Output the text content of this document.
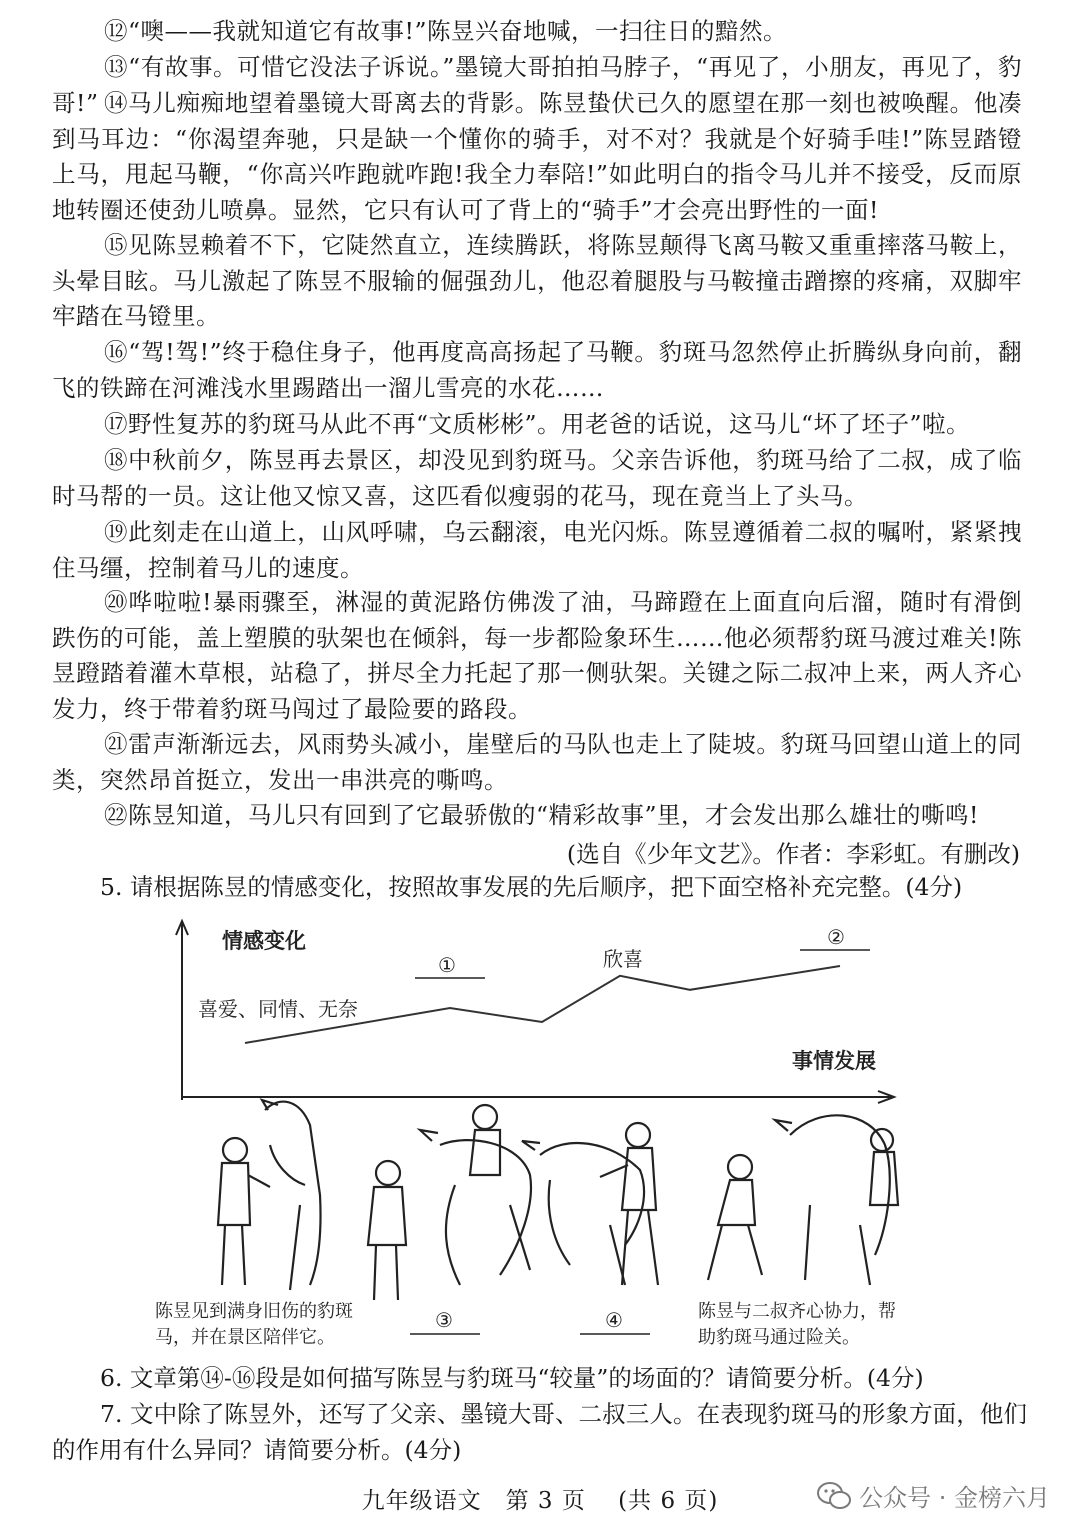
⑫“噢——我就知道它有故事!”陈昱兴奋地喊，一扫往日的黯然。

⑬“有故事。可惜它没法子诉说。”墨镜大哥拍拍马脖子，“再见了，小朋友，再见了，豹哥!” ⑭马儿痴痴地望着墨镜大哥离去的背影。陈昱蛰伏已久的愿望在那一刻也被唤醒。他凑到马耳边：“你渴望奔驰，只是缺一个懂你的骑手，对不对？我就是个好骑手哇!”陈昱踏镫上马，甩起马鞭，“你高兴咋跑就咋跑!我全力奉陪!”如此明白的指令马儿并不接受，反而原地转圈还使劲儿喷鼻。显然，它只有认可了背上的“骑手”才会亮出野性的一面!

⑮见陈昱赖着不下，它陡然直立，连续腾跃，将陈昱颠得飞离马鞍又重重摔落马鞍上，头晕目眩。马儿激起了陈昱不服输的倔强劲儿，他忍着腿股与马鞍撞击蹭擦的疼痛，双脚牢牢踏在马镫里。

⑯“驾!驾!”终于稳住身子，他再度高高扬起了马鞭。豹斑马忽然停止折腾纵身向前，翻飞的铁蹄在河滩浅水里踢踏出一溜儿雪亮的水花……

⑰野性复苏的豹斑马从此不再“文质彬彬”。用老爸的话说，这马儿“坏了坯子”啦。

⑱中秋前夕，陈昱再去景区，却没见到豹斑马。父亲告诉他，豹斑马给了二叔，成了临时马帮的一员。这让他又惊又喜，这匹看似瘦弱的花马，现在竟当上了头马。

⑲此刻走在山道上，山风呼啸，乌云翻滚，电光闪烁。陈昱遵循着二叔的嘱咐，紧紧拽住马缰，控制着马儿的速度。

⑳哗啦啦!暴雨骤至，淋湿的黄泥路仿佛泼了油，马蹄蹬在上面直向后溜，随时有滑倒跌伤的可能，盖上塑膜的驮架也在倾斜，每一步都险象环生……他必须帮豹斑马渡过难关!陈昱蹬踏着灌木草根，站稳了，拼尽全力托起了那一侧驮架。关键之际二叔冲上来，两人齐心发力，终于带着豹斑马闯过了最险要的路段。

㉑雷声渐渐远去，风雨势头减小，崖壁后的马队也走上了陡坡。豹斑马回望山道上的同类，突然昂首挺立，发出一串洪亮的嘶鸣。

㉒陈昱知道，马儿只有回到了它最骄傲的“精彩故事”里，才会发出那么雄壮的嘶鸣!

(选自《少年文艺》。作者：李彩虹。有删改)

5. 请根据陈昱的情感变化，按照故事发展的先后顺序，把下面空格补充完整。(4分)

情感变化
事情发展
喜爱、同情、无奈
①	欣喜
②
陈昱见到满身旧伤的豹斑马，并在景区陪伴它。
③	④	陈昱与二叔齐心协力，帮助豹斑马通过险关。

6. 文章第⑭-⑯段是如何描写陈昱与豹斑马“较量”的场面的？请简要分析。(4分)

7. 文中除了陈昱外，还写了父亲、墨镜大哥、二叔三人。在表现豹斑马的形象方面，他们的作用有什么异同？请简要分析。(4分)

九年级语文　第 3 页　 (共 6 页)	公众号 · 金榜六月
